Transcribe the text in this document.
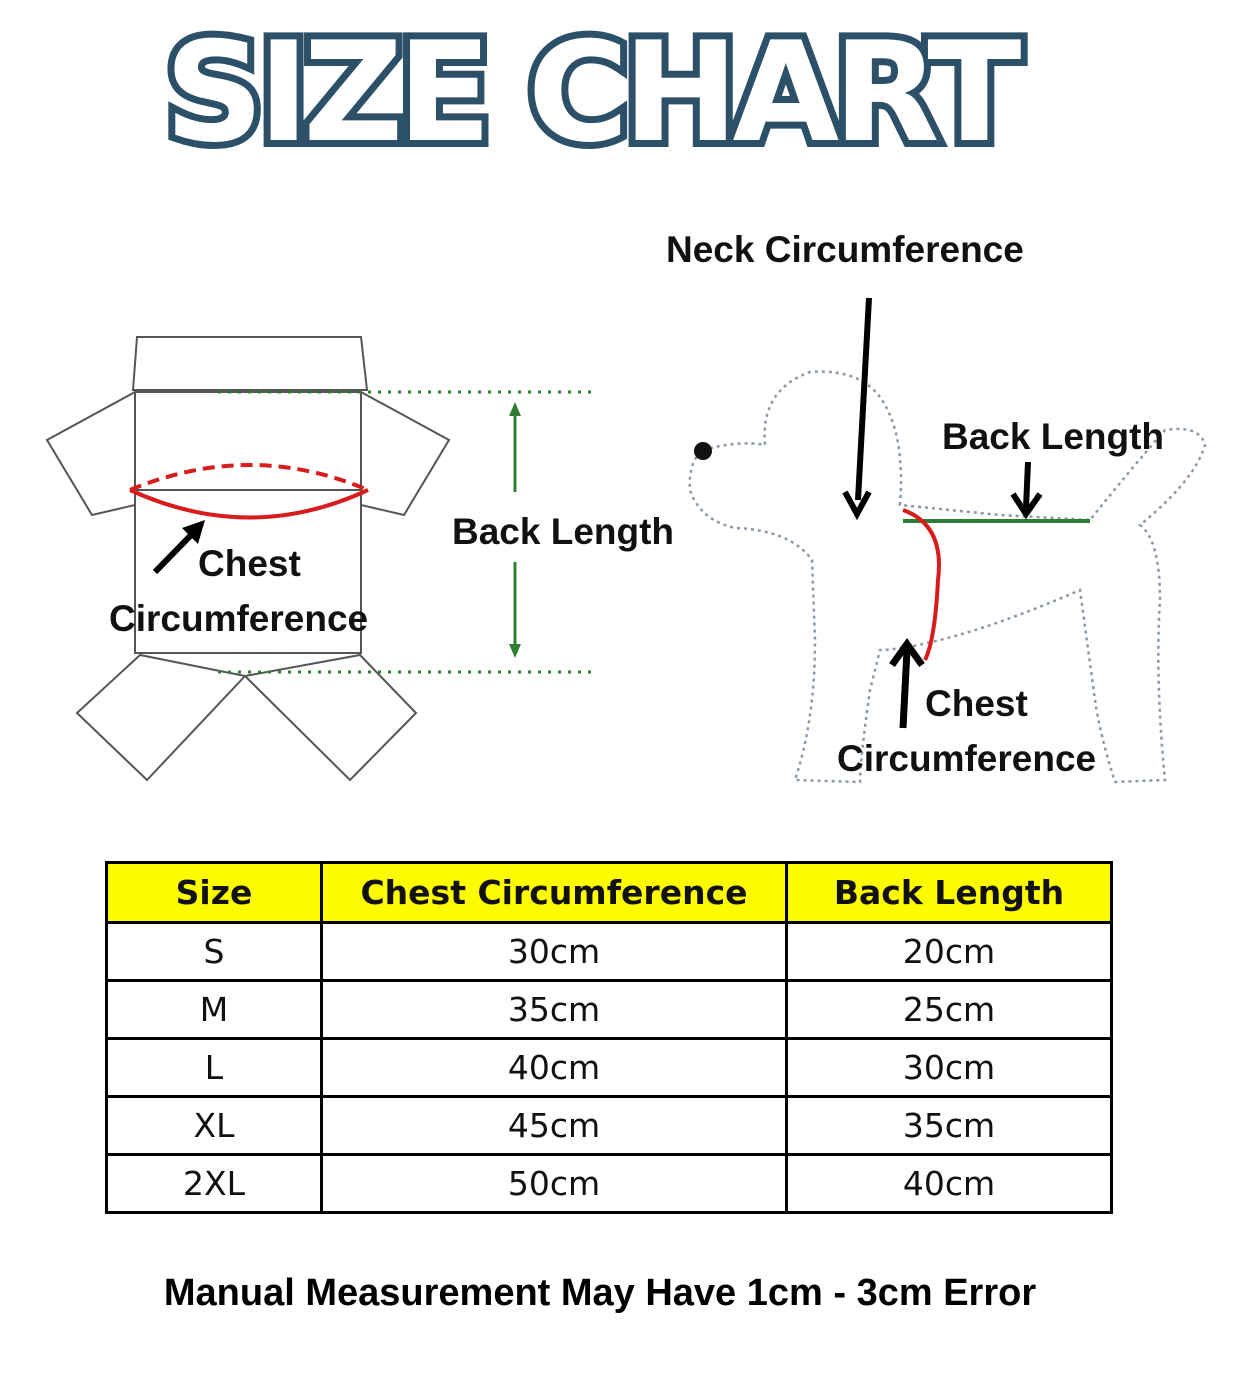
SIZE CHART
Neck Circumference
Back Length
Chest
Circumference
Back Length
Chest
Circumference
Size	Chest Circumference	Back Length
S	30cm	20cm
M	35cm	25cm
L	40cm	30cm
XL	45cm	35cm
2XL	50cm	40cm
Manual Measurement May Have 1cm - 3cm Error
